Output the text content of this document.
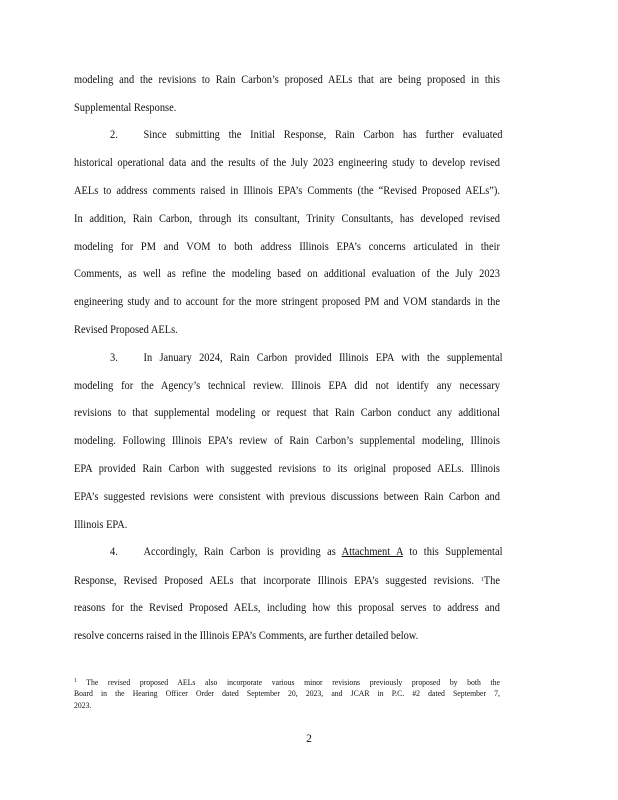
modeling and the revisions to Rain Carbon’s proposed AELs that are being proposed in this
Supplemental Response.
2. Since submitting the Initial Response, Rain Carbon has further evaluated
historical operational data and the results of the July 2023 engineering study to develop revised
AELs to address comments raised in Illinois EPA’s Comments (the “Revised Proposed AELs”).
In addition, Rain Carbon, through its consultant, Trinity Consultants, has developed revised
modeling for PM and VOM to both address Illinois EPA’s concerns articulated in their
Comments, as well as refine the modeling based on additional evaluation of the July 2023
engineering study and to account for the more stringent proposed PM and VOM standards in the
Revised Proposed AELs.
3. In January 2024, Rain Carbon provided Illinois EPA with the supplemental
modeling for the Agency’s technical review. Illinois EPA did not identify any necessary
revisions to that supplemental modeling or request that Rain Carbon conduct any additional
modeling. Following Illinois EPA’s review of Rain Carbon’s supplemental modeling, Illinois
EPA provided Rain Carbon with suggested revisions to its original proposed AELs. Illinois
EPA’s suggested revisions were consistent with previous discussions between Rain Carbon and
Illinois EPA.
4. Accordingly, Rain Carbon is providing as Attachment A to this Supplemental
Response, Revised Proposed AELs that incorporate Illinois EPA’s suggested revisions. $^1$The
reasons for the Revised Proposed AELs, including how this proposal serves to address and
resolve concerns raised in the Illinois EPA’s Comments, are further detailed below.
$^1$ The revised proposed AELs also incorporate various minor revisions previously proposed by both the
Board in the Hearing Officer Order dated September 20, 2023, and JCAR in P.C. #2 dated September 7,
2023.
2
